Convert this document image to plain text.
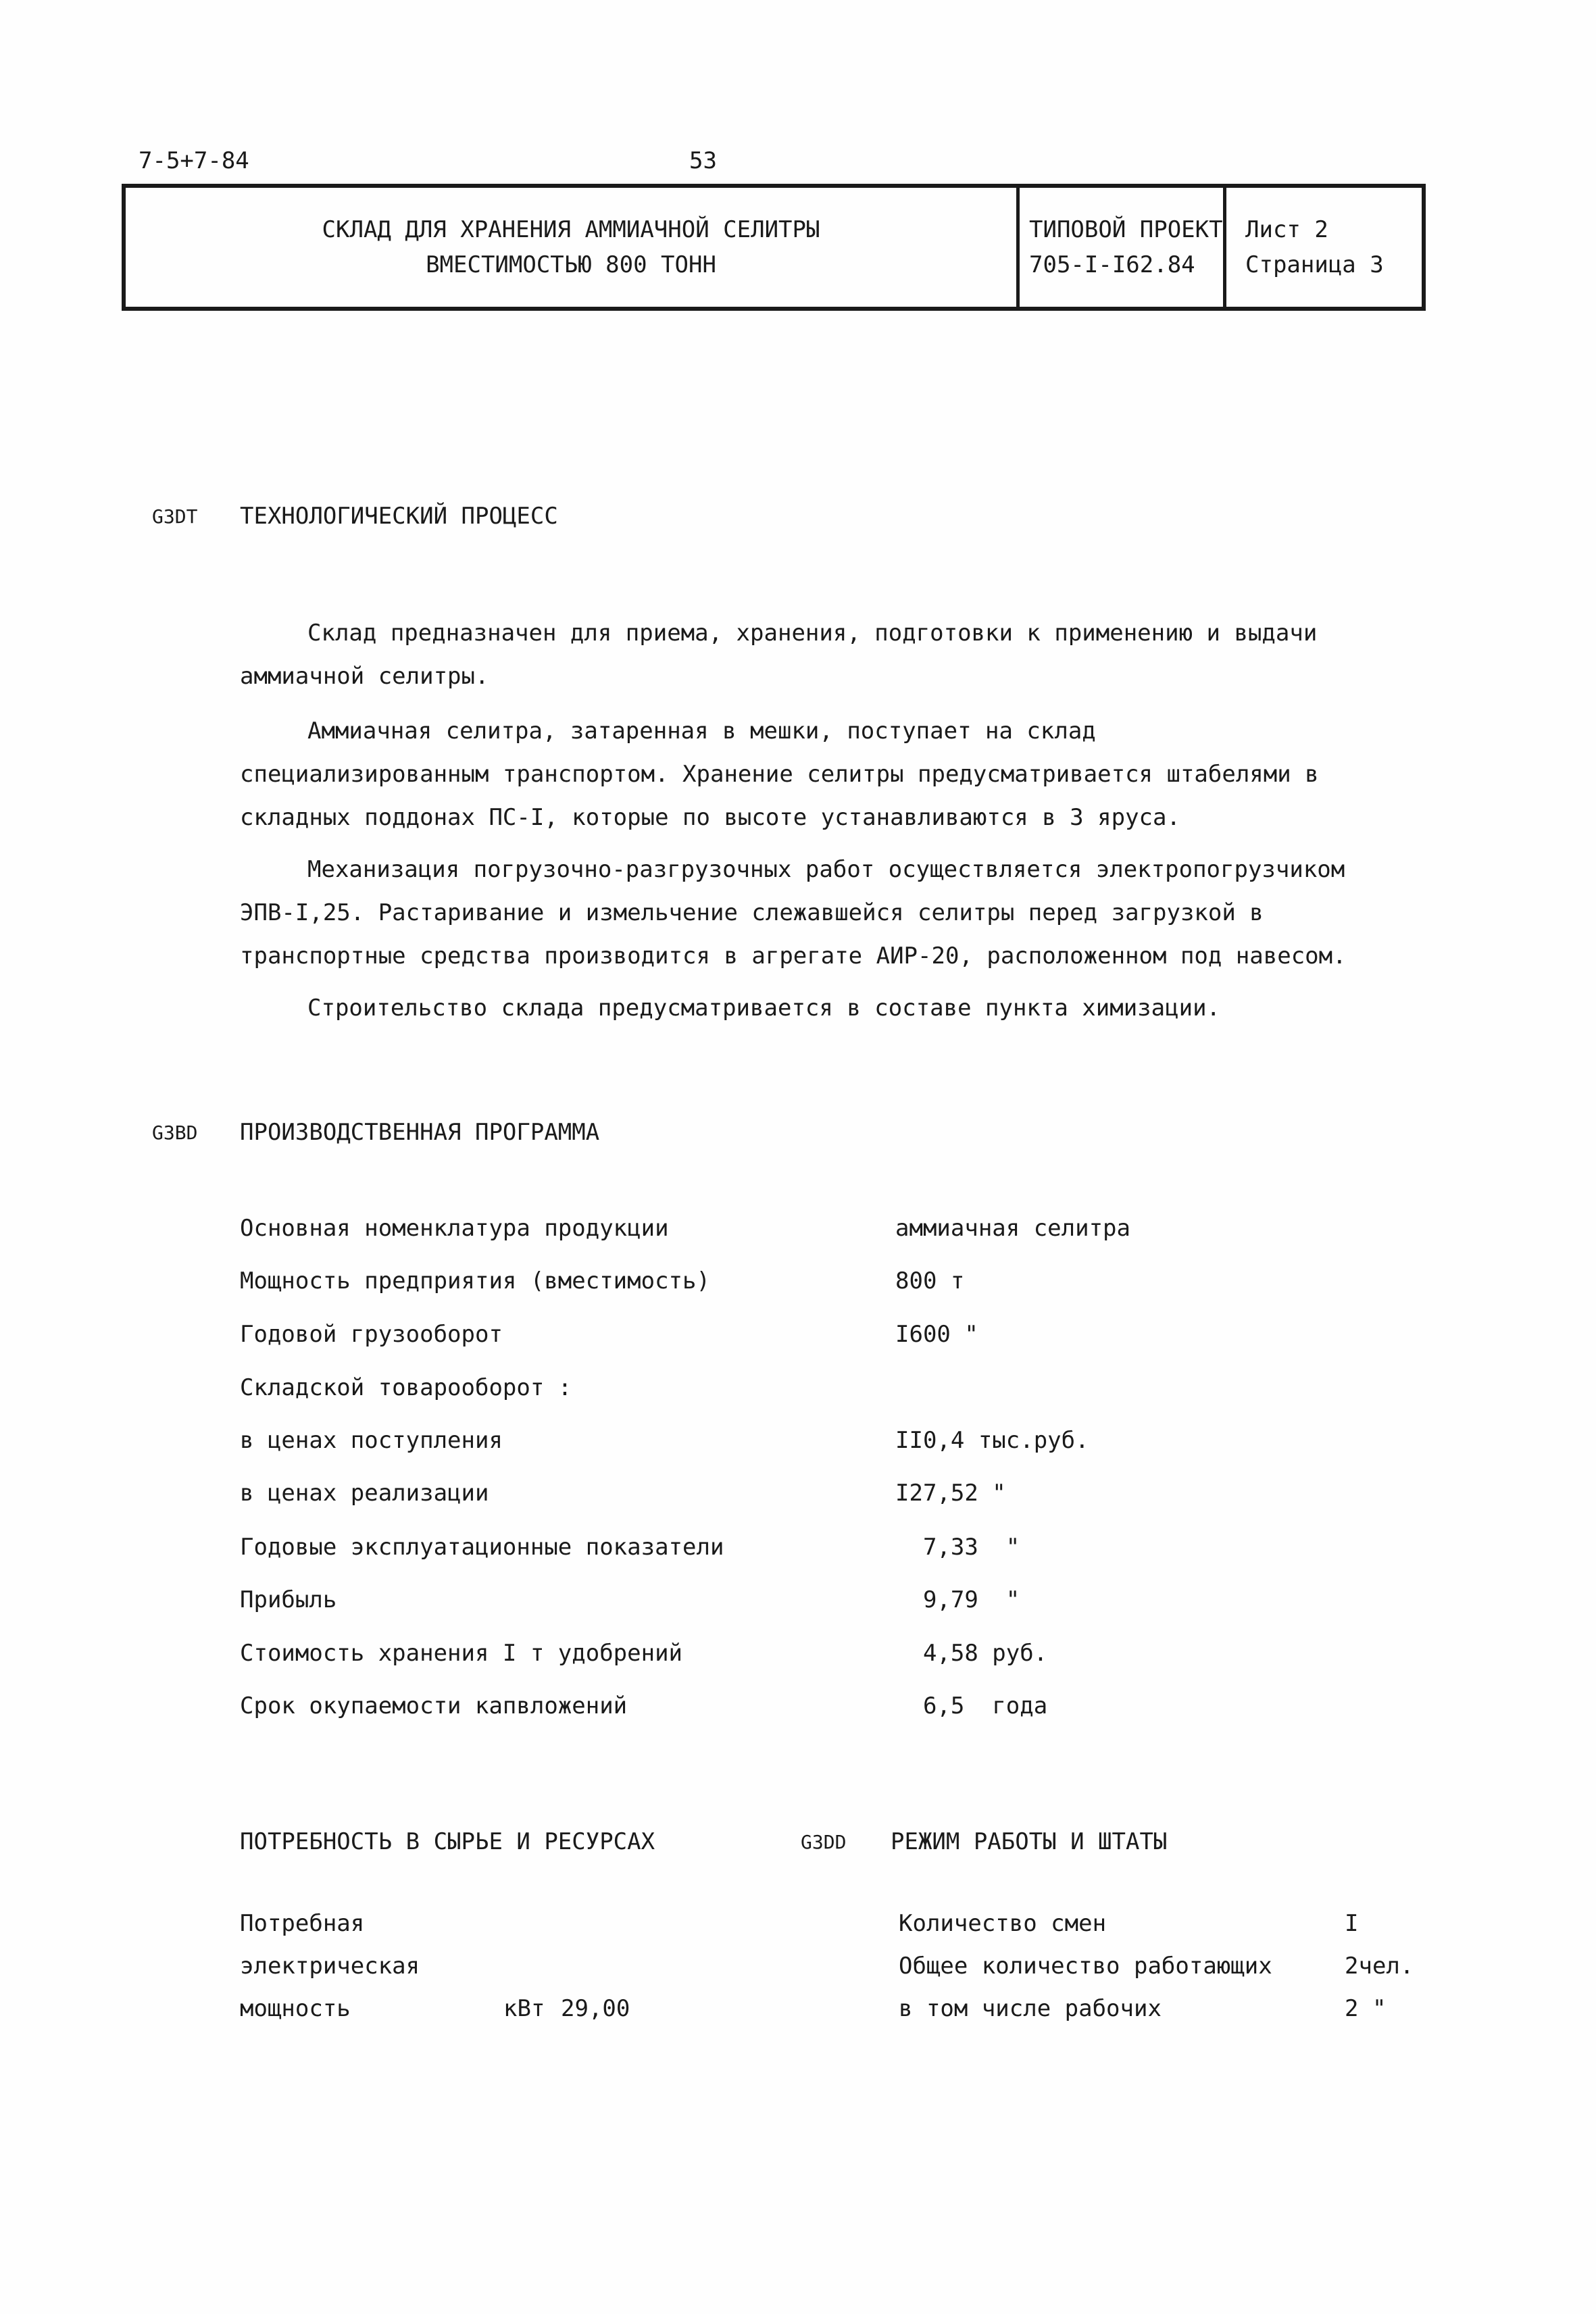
7-5+7-84	53
СКЛАД ДЛЯ ХРАНЕНИЯ АММИАЧНОЙ СЕЛИТРЫ
ВМЕСТИМОСТЬЮ 800 ТОНН
ТИПОВОЙ ПРОЕКТ
705-I-I62.84
Лист 2
Страница 3
G3DT ТЕХНОЛОГИЧЕСКИЙ ПРОЦЕСС
Склад предназначен для приема, хранения, подготовки к применению и выдачи аммиачной селитры.
Аммиачная селитра, затаренная в мешки, поступает на склад специализированным транспортом. Хранение селитры предусматривается штабелями в складных поддонах ПС-I, которые по высоте устанавливаются в 3 яруса.
Механизация погрузочно-разгрузочных работ осуществляется электропогрузчиком ЭПВ-I,25. Растаривание и измельчение слежавшейся селитры перед загрузкой в транспортные средства производится в агрегате АИР-20, расположенном под навесом.
Строительство склада предусматривается в составе пункта химизации.
G3BD ПРОИЗВОДСТВЕННАЯ ПРОГРАММА
Основная номенклатура продукции	аммиачная селитра
Мощность предприятия (вместимость)	800 т
Годовой грузооборот	I600 "
Складской товарооборот :
в ценах поступления	II0,4 тыс.руб.
в ценах реализации	I27,52 "
Годовые эксплуатационные показатели	7,33  "
Прибыль	9,79  "
Стоимость хранения I т удобрений	4,58 руб.
Срок окупаемости капвложений	6,5  года
ПОТРЕБНОСТЬ В СЫРЬЕ И РЕСУРСАХ
Потребная
электрическая
мощность	кВт 29,00
G3DD РЕЖИМ РАБОТЫ И ШТАТЫ
Количество смен	I
Общее количество работающих	2чел.
в том числе рабочих	2 "
